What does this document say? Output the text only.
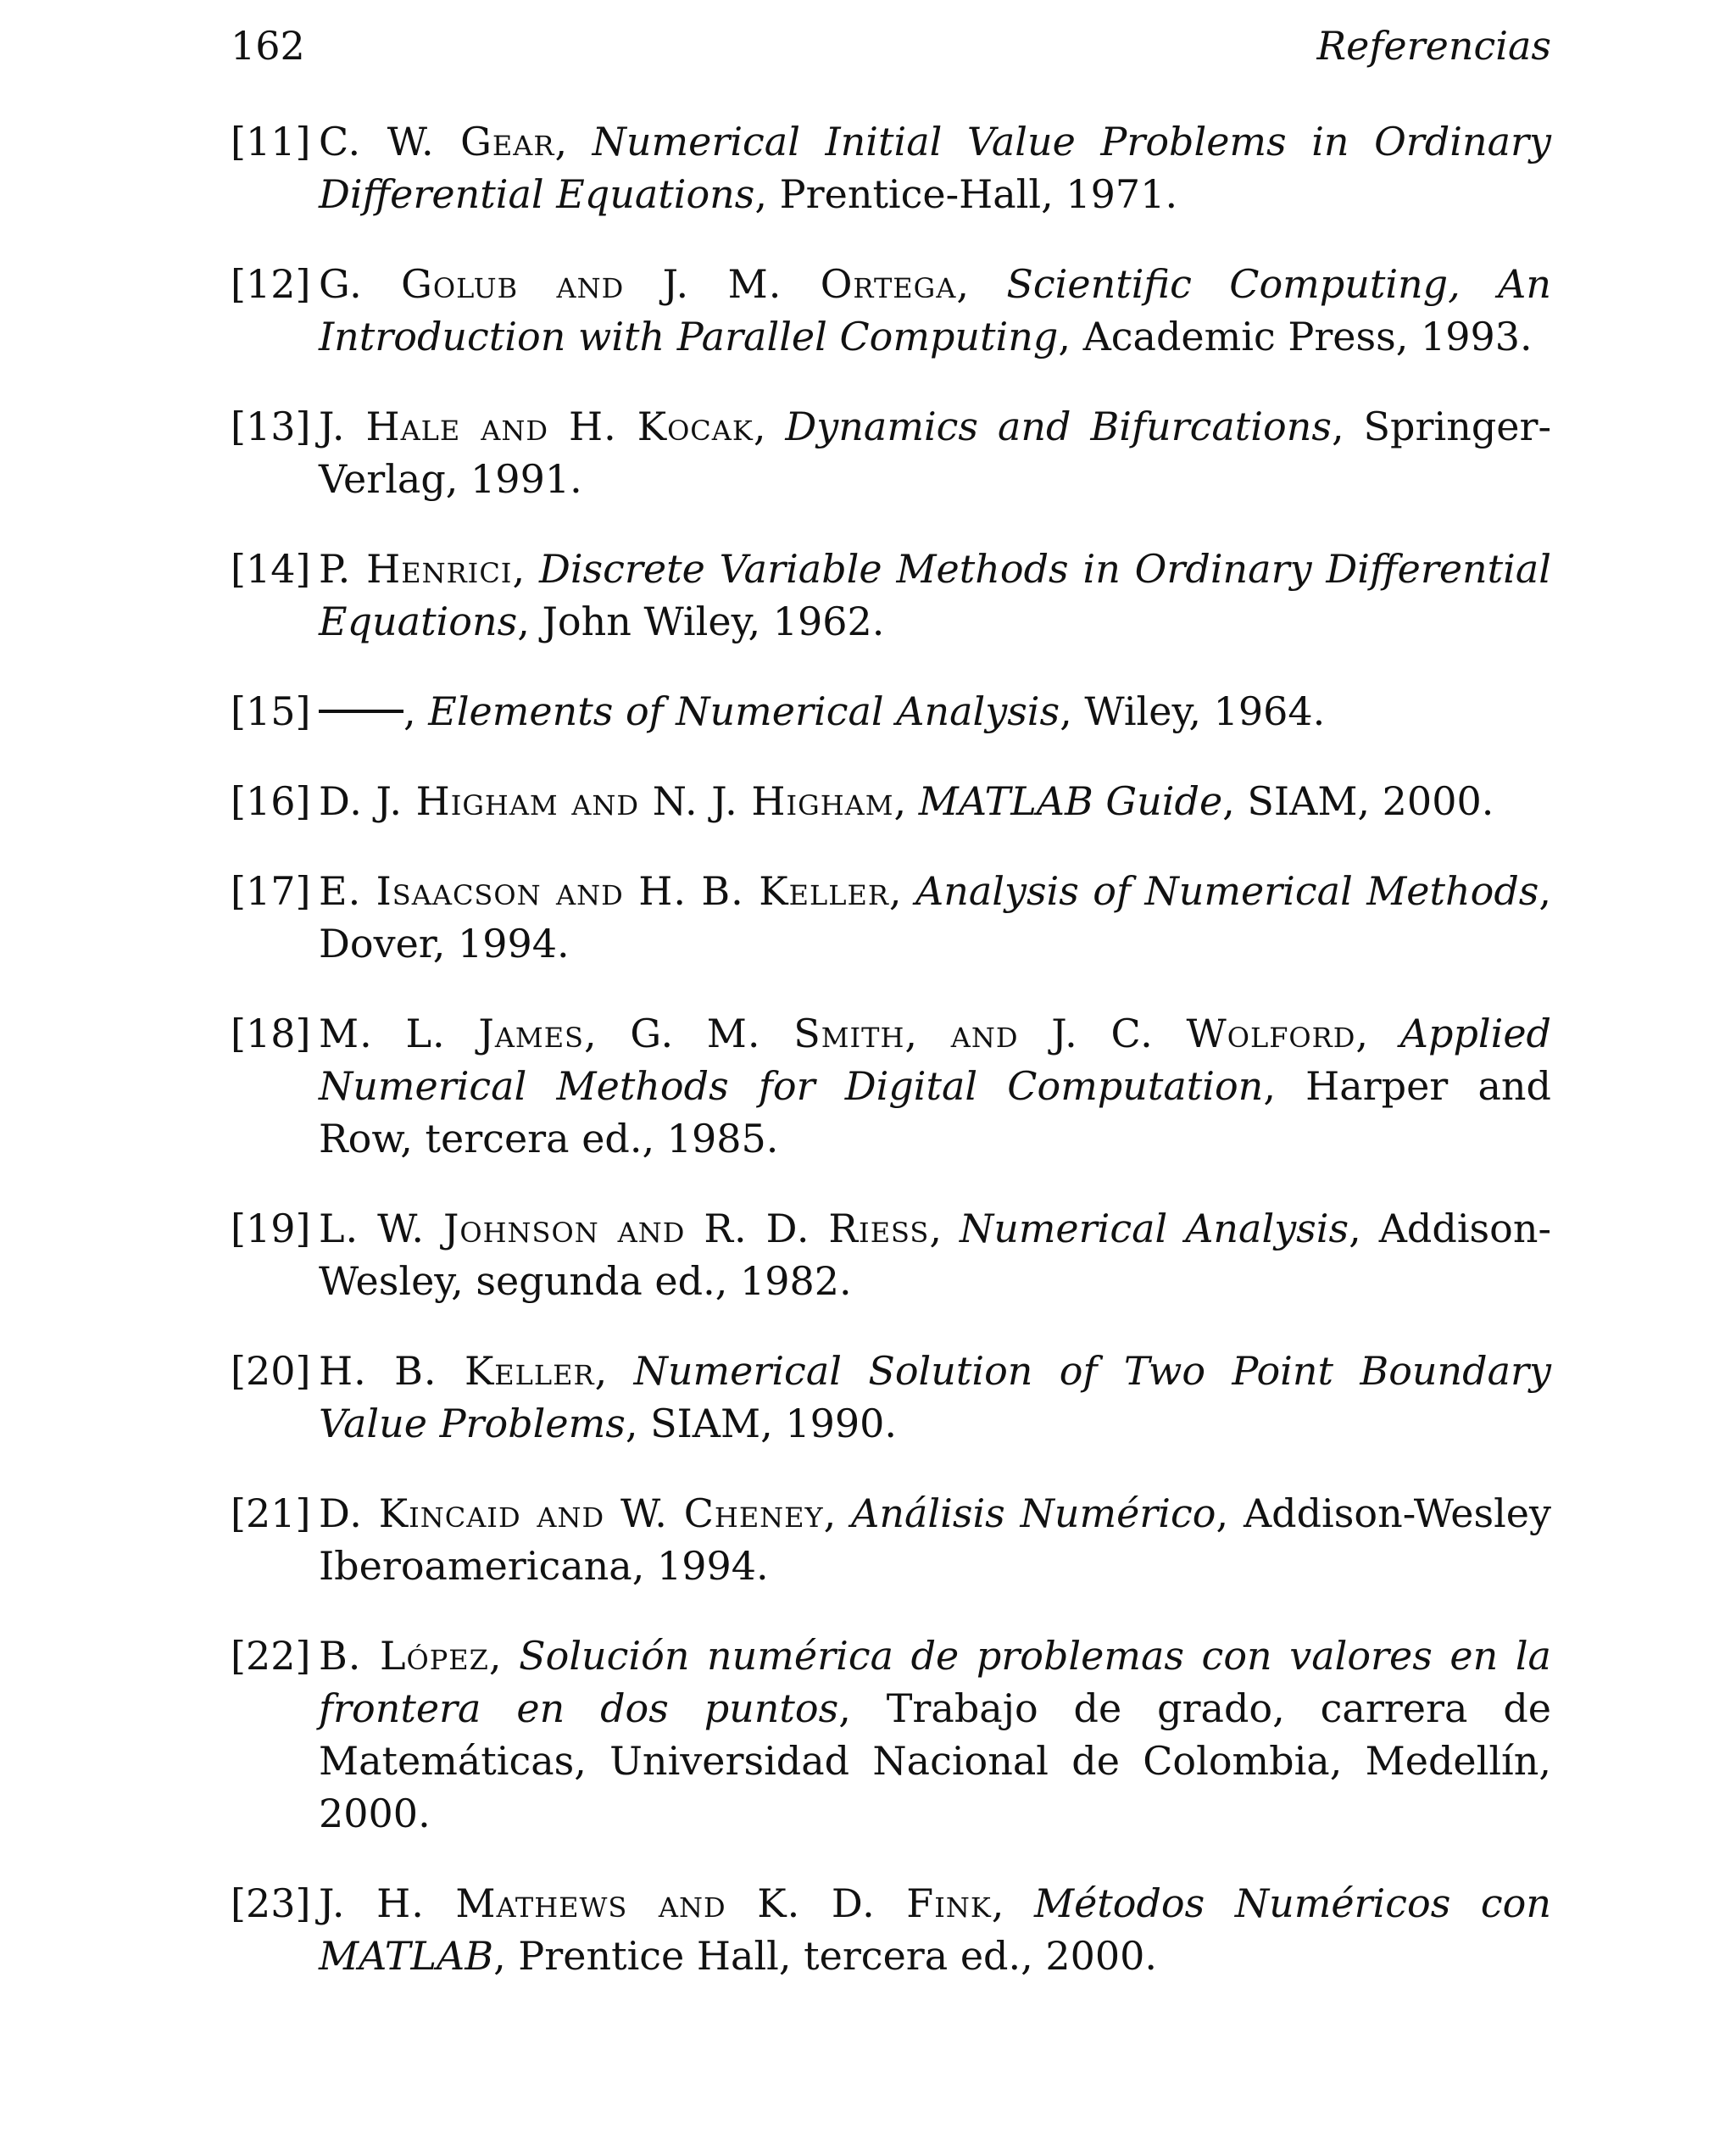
162	Referencias
[11] C. W. Gear, Numerical Initial Value Problems in Ordinary Differential Equations, Prentice-Hall, 1971.
[12] G. Golub and J. M. Ortega, Scientific Computing, An Introduction with Parallel Computing, Academic Press, 1993.
[13] J. Hale and H. Kocak, Dynamics and Bifurcations, Springer-Verlag, 1991.
[14] P. Henrici, Discrete Variable Methods in Ordinary Differential Equations, John Wiley, 1962.
[15] , Elements of Numerical Analysis, Wiley, 1964.
[16] D. J. Higham and N. J. Higham, MATLAB Guide, SIAM, 2000.
[17] E. Isaacson and H. B. Keller, Analysis of Numerical Methods, Dover, 1994.
[18] M. L. James, G. M. Smith, and J. C. Wolford, Applied Numerical Methods for Digital Computation, Harper and Row, tercera ed., 1985.
[19] L. W. Johnson and R. D. Riess, Numerical Analysis, Addison-Wesley, segunda ed., 1982.
[20] H. B. Keller, Numerical Solution of Two Point Boundary Value Problems, SIAM, 1990.
[21] D. Kincaid and W. Cheney, Análisis Numérico, Addison-Wesley Iberoamericana, 1994.
[22] B. López, Solución numérica de problemas con valores en la frontera en dos puntos, Trabajo de grado, carrera de Matemáticas, Universidad Nacional de Colombia, Medellín, 2000.
[23] J. H. Mathews and K. D. Fink, Métodos Numéricos con MATLAB, Prentice Hall, tercera ed., 2000.
